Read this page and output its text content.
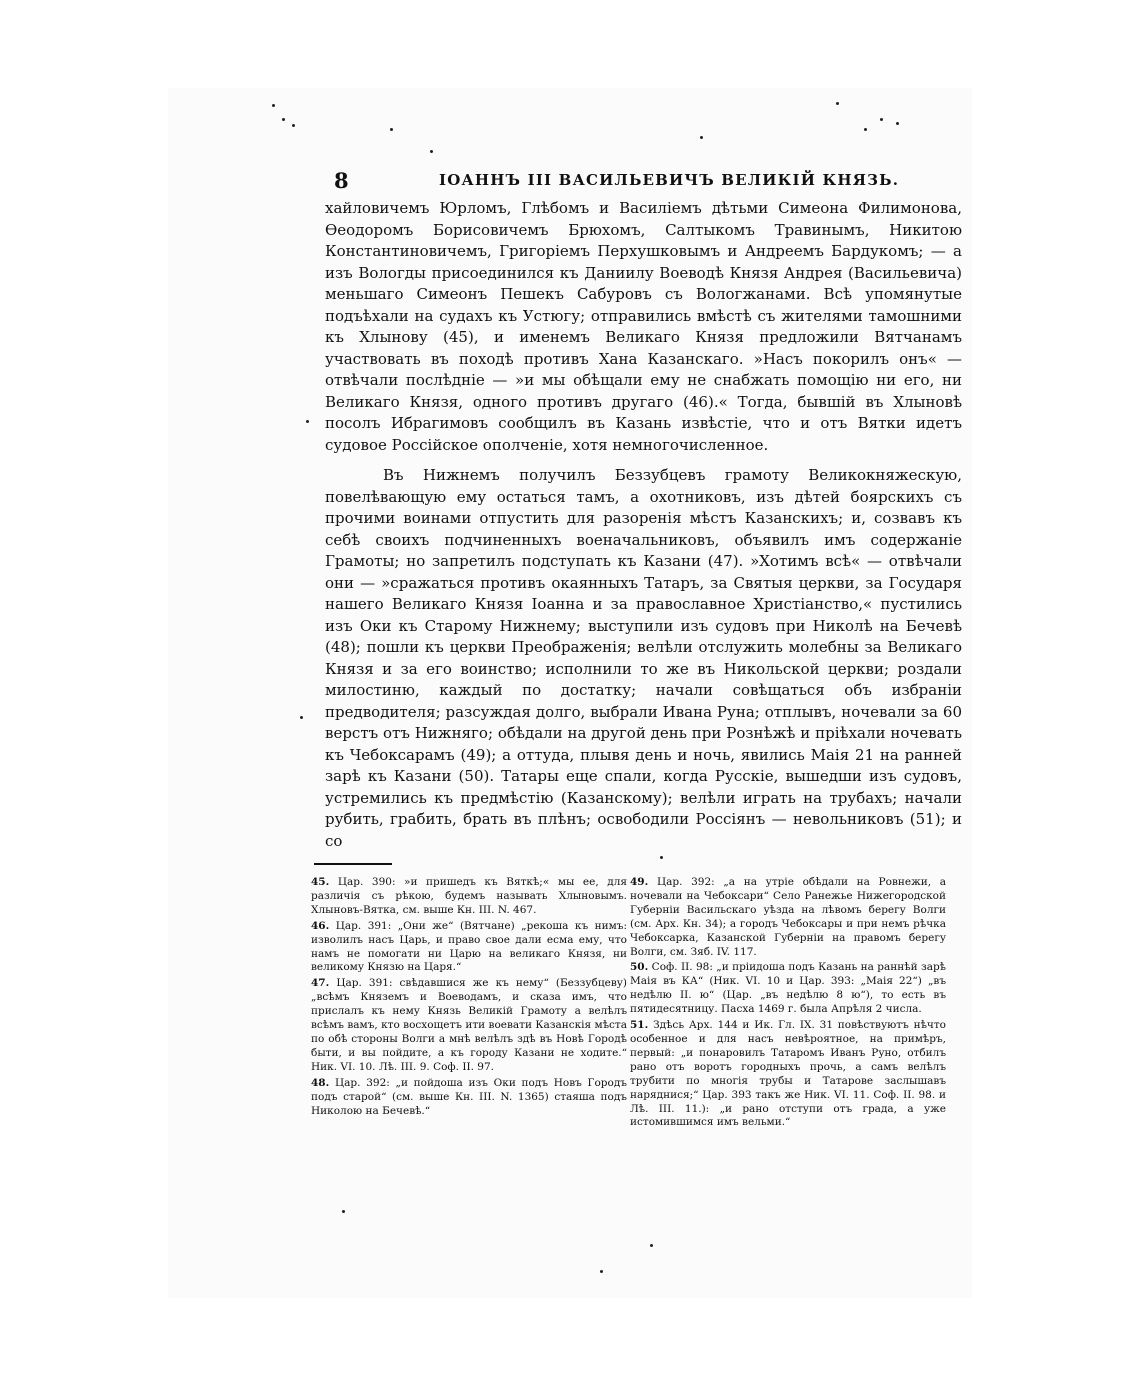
8	ІОАННЪ III ВАСИЛЬЕВИЧЪ ВЕЛИКІЙ КНЯЗЬ.

хайловичемъ Юрломъ, Глѣбомъ и Василіемъ дѣтьми Симеона Филимонова, Ѳеодоромъ Борисовичемъ Брюхомъ, Салтыкомъ Травинымъ, Никитою Константиновичемъ, Григоріемъ Перхушковымъ и Андреемъ Бардукомъ; — а изъ Вологды присоединился къ Даниилу Воеводѣ Князя Андрея (Васильевича) меньшаго Симеонъ Пешекъ Сабуровъ съ Вологжанами. Всѣ упомянутые подъѣхали на судахъ къ Устюгу; отправились вмѣстѣ съ жителями тамошними къ Хлынову (45), и именемъ Великаго Князя предложили Вятчанамъ участвовать въ походѣ противъ Хана Казанскаго. »Насъ покорилъ онъ« — отвѣчали послѣдніе — »и мы обѣщали ему не снабжать помощію ни его, ни Великаго Князя, одного противъ другаго (46).« Тогда, бывшій въ Хлыновѣ посолъ Ибрагимовъ сообщилъ въ Казань извѣстіе, что и отъ Вятки идетъ судовое Россійское ополченіе, хотя немногочисленное.

Въ Нижнемъ получилъ Беззубцевъ грамоту Великокняжескую, повелѣвающую ему остаться тамъ, а охотниковъ, изъ дѣтей боярскихъ съ прочими воинами отпустить для разоренія мѣстъ Казанскихъ; и, созвавъ къ себѣ своихъ подчиненныхъ военачальниковъ, объявилъ имъ содержаніе Грамоты; но запретилъ подступать къ Казани (47). »Хотимъ всѣ« — отвѣчали они — »сражаться противъ окаянныхъ Татаръ, за Святыя церкви, за Государя нашего Великаго Князя Іоанна и за православное Христіанство,« пустились изъ Оки къ Старому Нижнему; выступили изъ судовъ при Николѣ на Бечевѣ (48); пошли къ церкви Преображенія; велѣли отслужить молебны за Великаго Князя и за его воинство; исполнили то же въ Никольской церкви; роздали милостиню, каждый по достатку; начали совѣщаться объ избраніи предводителя; разсуждая долго, выбрали Ивана Руна; отплывъ, ночевали за 60 верстъ отъ Нижняго; обѣдали на другой день при Рознѣжѣ и пріѣхали ночевать къ Чебоксарамъ (49); а оттуда, плывя день и ночь, явились Маія 21 на ранней зарѣ къ Казани (50). Татары еще спали, когда Русскіе, вышедши изъ судовъ, устремились къ предмѣстію (Казанскому); велѣли играть на трубахъ; начали рубить, грабить, брать въ плѣнъ; освободили Россіянъ — невольниковъ (51); и со

45. Цар. 390: »и пришедъ къ Вяткѣ;« мы ее, для различія съ рѣкою, будемъ называть Хлыновымъ. Хлыновъ-Вятка, см. выше Кн. III. N. 467.

46. Цар. 391: „Они же“ (Вятчане) „рекоша къ нимъ: изволилъ насъ Царь, и право свое дали есма ему, что намъ не помогати ни Царю на великаго Князя, ни великому Князю на Царя.“

47. Цар. 391: свѣдавшися же къ нему“ (Беззубцеву) „всѣмъ Княземъ и Воеводамъ, и сказа имъ, что прислалъ къ нему Князь Великій Грамоту а велѣлъ всѣмъ вамъ, кто восхощетъ ити воевати Казанскія мѣста по обѣ стороны Волги а мнѣ велѣлъ здѣ въ Новѣ Городѣ быти, и вы пойдите, а къ городу Казани не ходите.“ Ник. VI. 10. Лѣ. III. 9. Соф. II. 97.

48. Цар. 392: „и пойдоша изъ Оки подъ Новъ Городъ подъ старой“ (см. выше Кн. III. N. 1365) стаяша подъ Николою на Бечевѣ.“

49. Цар. 392: „а на утріе обѣдали на Ровнежи, а ночевали на Чебоксари“ Село Ранежье Нижегородской Губерніи Васильскаго уѣзда на лѣвомъ берегу Волги (см. Арх. Кн. 34); а городъ Чебоксары и при немъ рѣчка Чебоксарка, Казанской Губерніи на правомъ берегу Волги, см. Зяб. IV. 117.

50. Соф. II. 98: „и пріидоша подъ Казань на раннѣй зарѣ Маія въ КА“ (Ник. VI. 10 и Цар. 393: „Маія 22“) „въ недѣлю II. ю“ (Цар. „въ недѣлю 8 ю“), то есть въ пятидесятницу. Пасха 1469 г. была Апрѣля 2 числа.

51. Здѣсь Арх. 144 и Ик. Гл. IX. 31 повѣствуютъ нѣчто особенное и для насъ невѣроятное, на примѣръ, первый: „и понаровилъ Татаромъ Иванъ Руно, отбилъ рано отъ воротъ городныхъ прочь, а самъ велѣлъ трубити по многія трубы и Татарове заслышавъ наряднися;“ Цар. 393 такъ же Ник. VI. 11. Соф. II. 98. и Лѣ. III. 11.): „и рано отступи отъ града, а уже истомившимся имъ вельми.“
